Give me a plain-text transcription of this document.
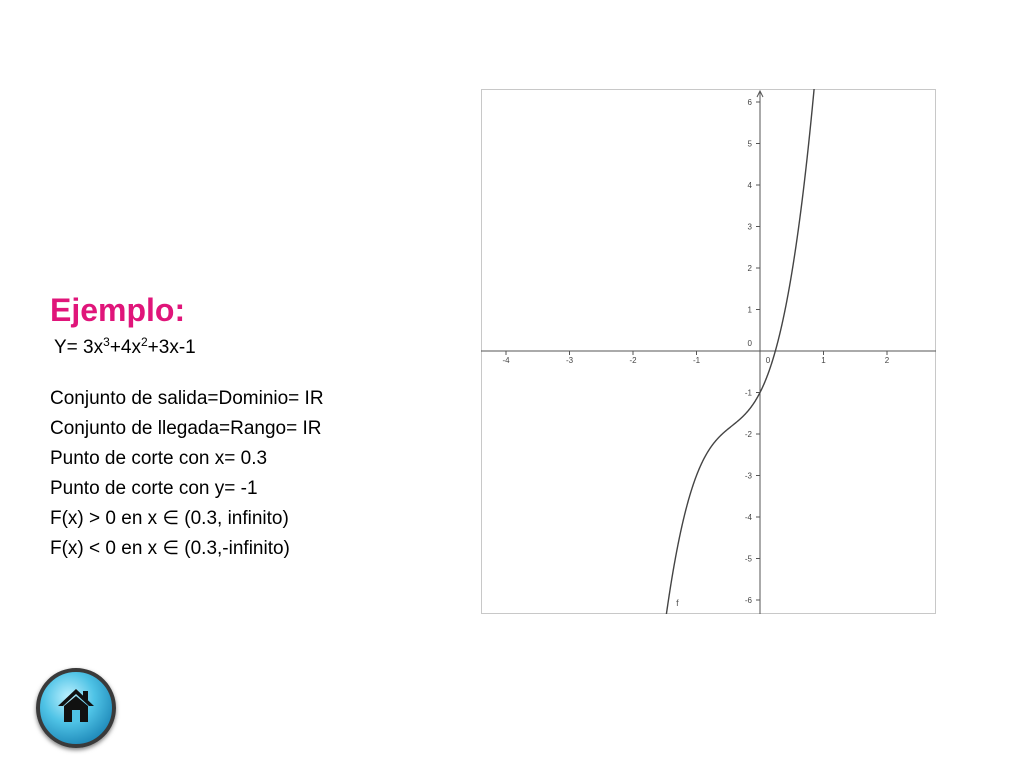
Ejemplo:
$Y= 3x^3+4x^2+3x-1$
Conjunto de salida=Dominio= IR
Conjunto de llegada=Rango= IR
Punto de corte con x= 0.3
Punto de corte con y= -1
F(x) > 0 en x ∈ (0.3, infinito)
F(x) < 0 en x ∈ (0.3,-infinito)
-4	-3	-2	-1	1	2
-6
-5
-4
-3
-2
-1
1
2
3
4
5
6
0
0
f
